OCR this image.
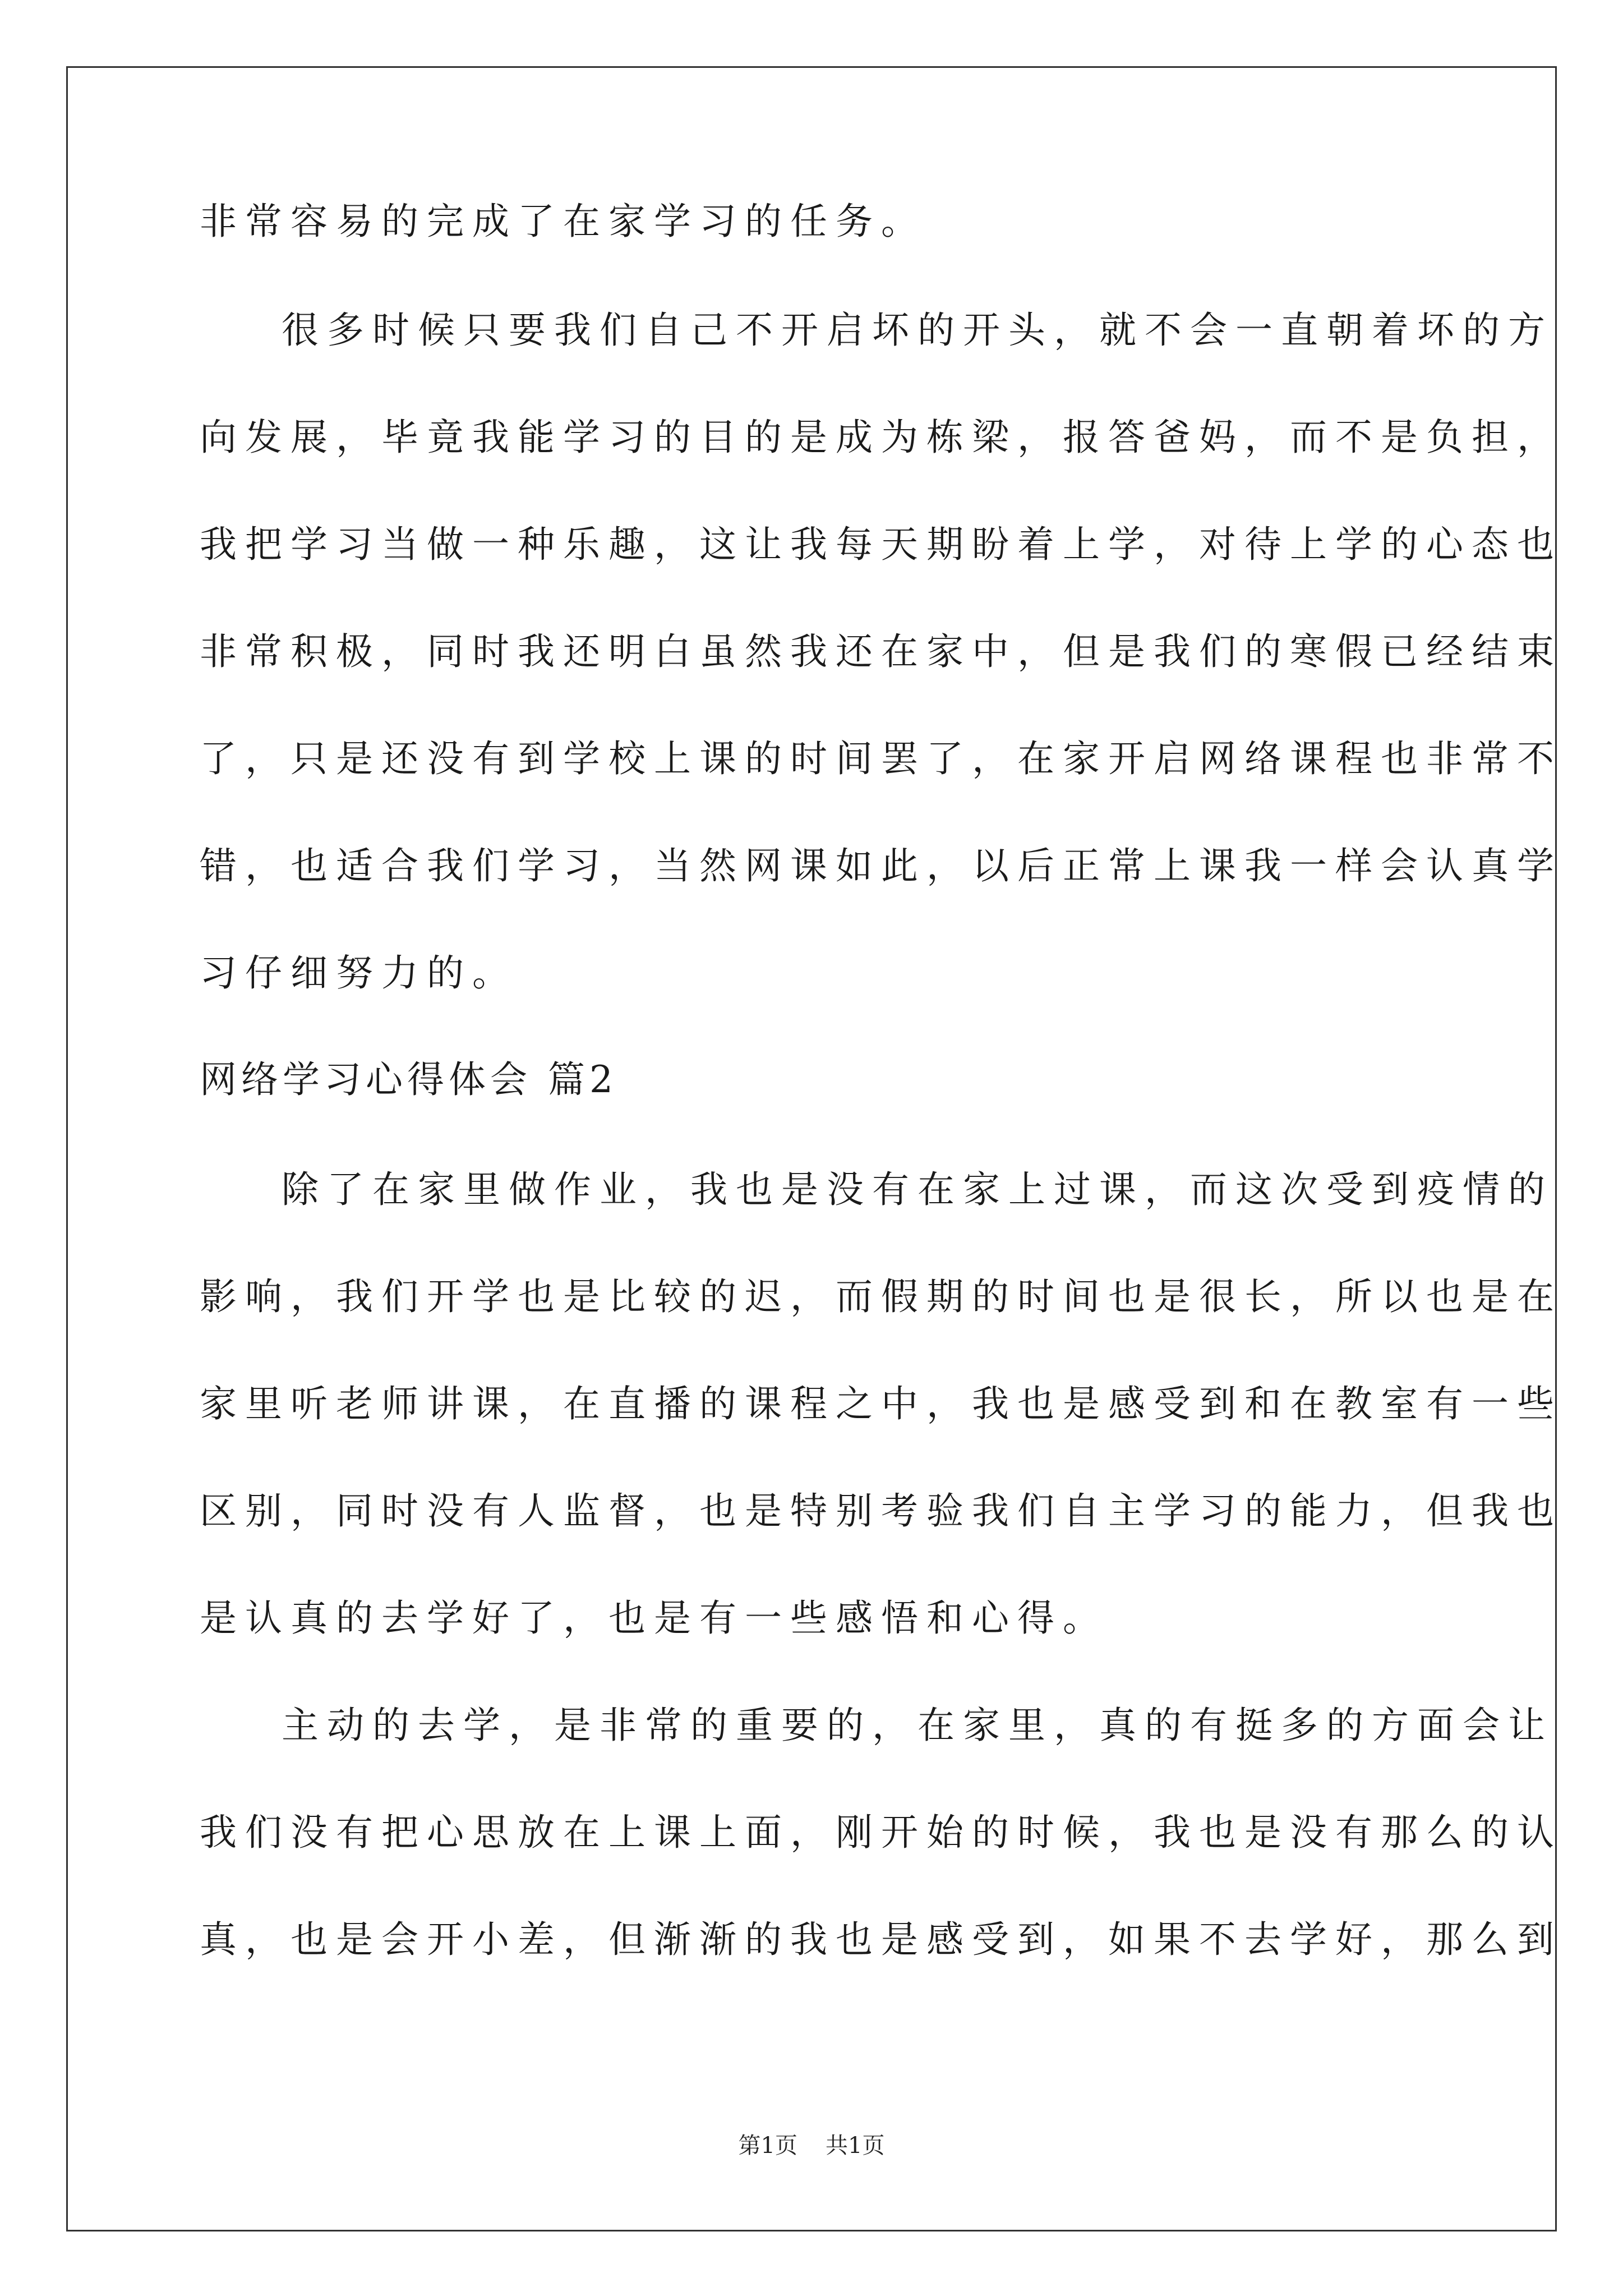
非常容易的完成了在家学习的任务。
很多时候只要我们自己不开启坏的开头，就不会一直朝着坏的方
向发展，毕竟我能学习的目的是成为栋梁，报答爸妈，而不是负担，
我把学习当做一种乐趣，这让我每天期盼着上学，对待上学的心态也
非常积极，同时我还明白虽然我还在家中，但是我们的寒假已经结束
了，只是还没有到学校上课的时间罢了，在家开启网络课程也非常不
错，也适合我们学习，当然网课如此，以后正常上课我一样会认真学
习仔细努力的。
网络学习心得体会 篇2
除了在家里做作业，我也是没有在家上过课，而这次受到疫情的
影响，我们开学也是比较的迟，而假期的时间也是很长，所以也是在
家里听老师讲课，在直播的课程之中，我也是感受到和在教室有一些
区别，同时没有人监督，也是特别考验我们自主学习的能力，但我也
是认真的去学好了，也是有一些感悟和心得。
主动的去学，是非常的重要的，在家里，真的有挺多的方面会让
我们没有把心思放在上课上面，刚开始的时候，我也是没有那么的认
真，也是会开小差，但渐渐的我也是感受到，如果不去学好，那么到
第1页 共1页
